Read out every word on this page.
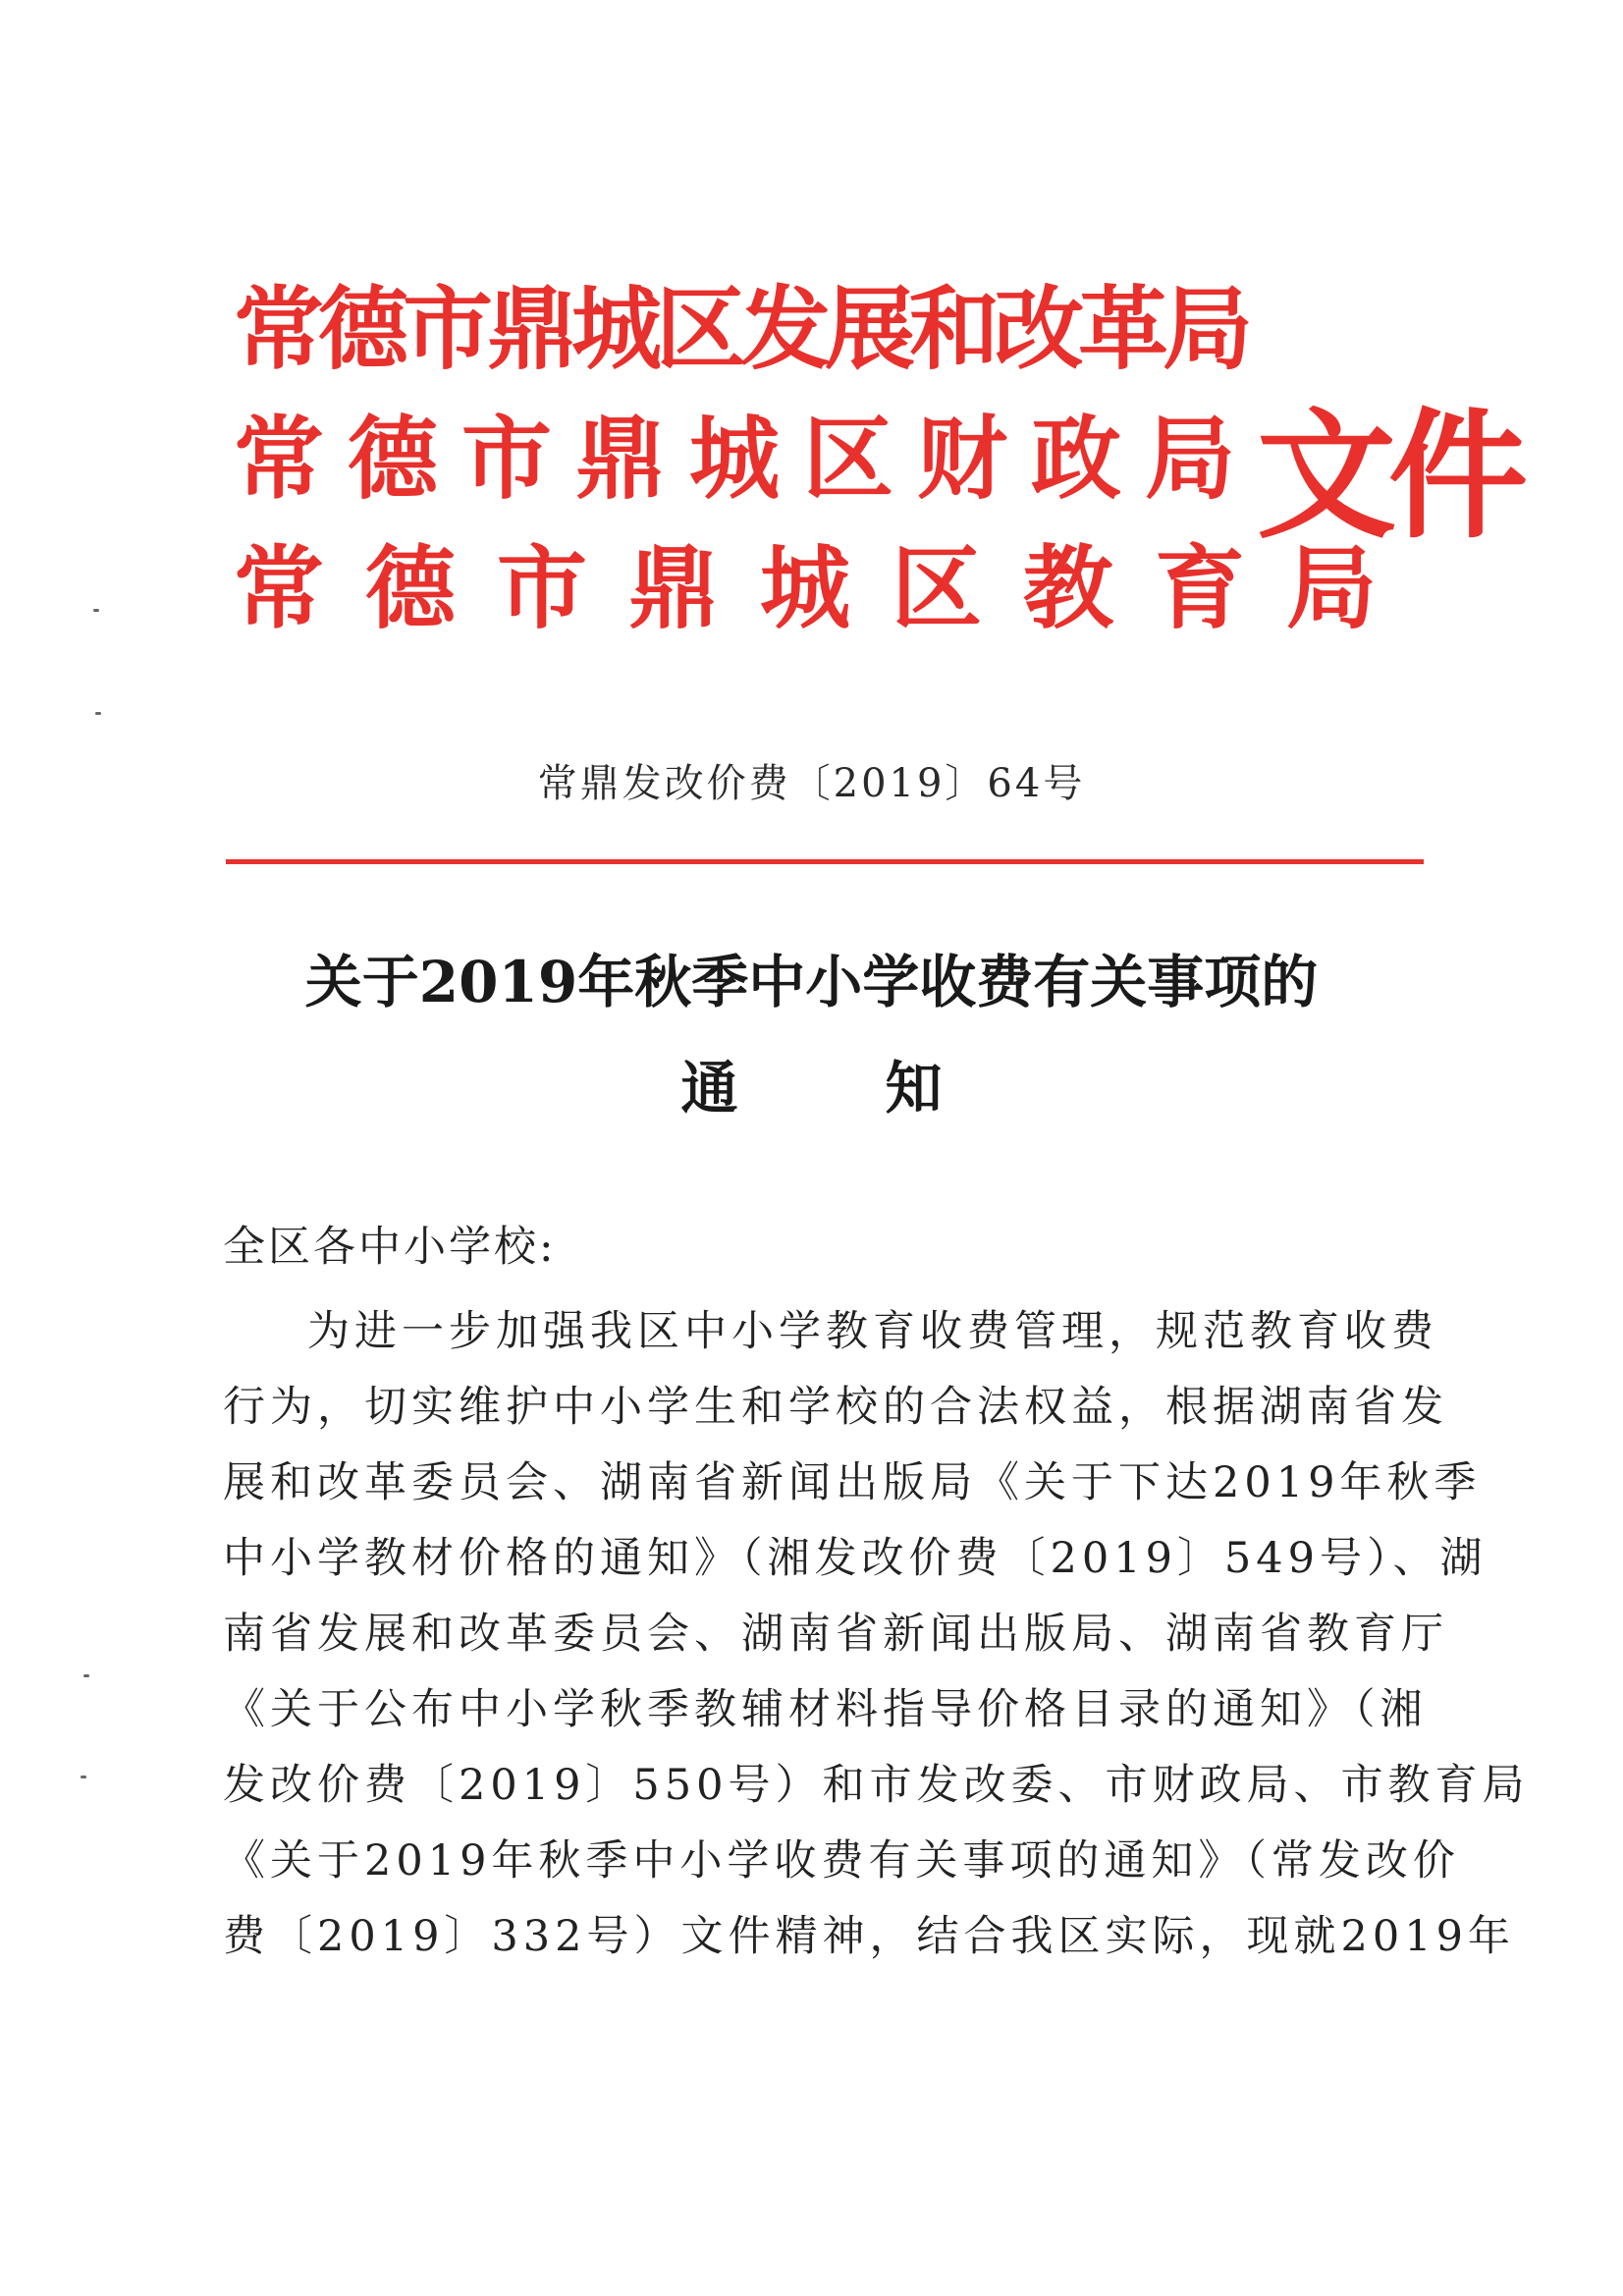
常德市鼎城区发展和改革局
常德市鼎城区财政局
常德市鼎城区教育局
文件
常鼎发改价费〔2019〕64号
关于2019年秋季中小学收费有关事项的
通	知
全区各中小学校:
为进一步加强我区中小学教育收费管理，规范教育收费
行为，切实维护中小学生和学校的合法权益，根据湖南省发
展和改革委员会、湖南省新闻出版局《关于下达2019年秋季
中小学教材价格的通知》（湘发改价费〔2019〕549号）、湖
南省发展和改革委员会、湖南省新闻出版局、湖南省教育厅
《关于公布中小学秋季教辅材料指导价格目录的通知》（湘
发改价费〔2019〕550号）和市发改委、市财政局、市教育局
《关于2019年秋季中小学收费有关事项的通知》（常发改价
费〔2019〕332号）文件精神，结合我区实际，现就2019年
